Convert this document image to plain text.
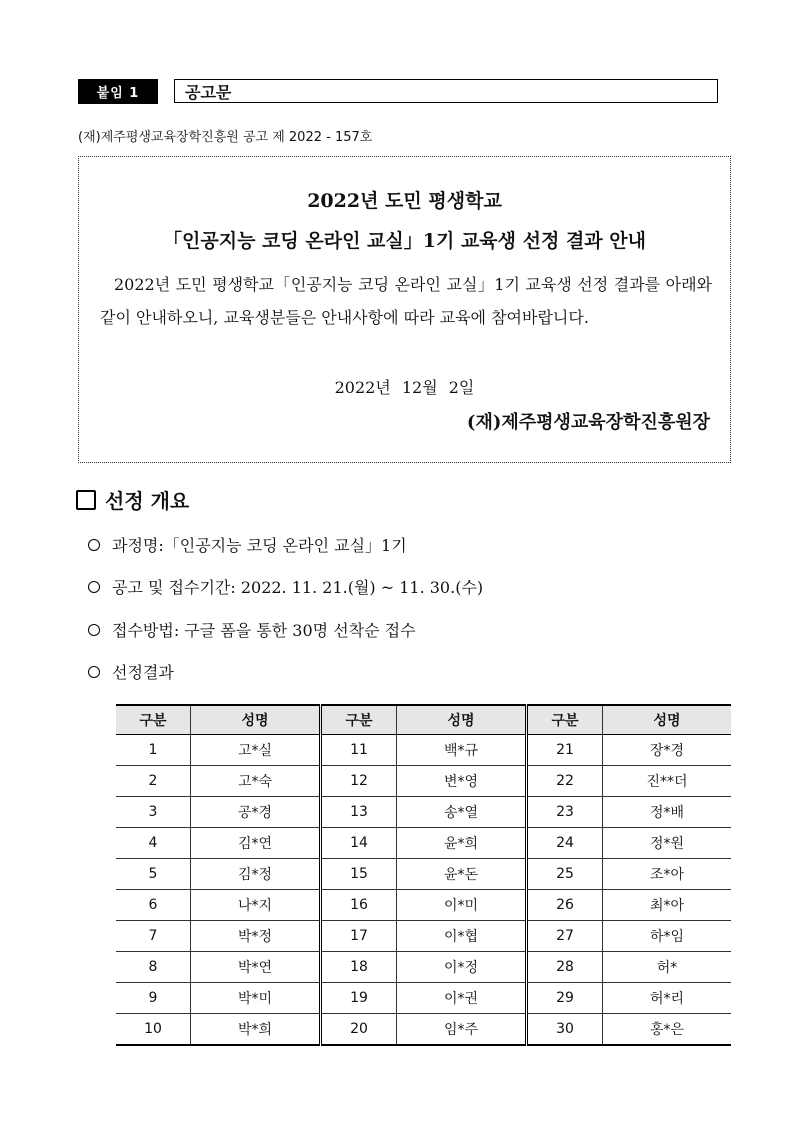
붙임 1	공고문
(재)제주평생교육장학진흥원 공고 제 2022 - 157호
2022년 도민 평생학교
「인공지능 코딩 온라인 교실」1기 교육생 선정 결과 안내
2022년 도민 평생학교「인공지능 코딩 온라인 교실」1기 교육생 선정 결과를 아래와 같이 안내하오니, 교육생분들은 안내사항에 따라 교육에 참여바랍니다.
2022년 12월 2일
(재)제주평생교육장학진흥원장
선정 개요
과정명:「인공지능 코딩 온라인 교실」1기
공고 및 접수기간: 2022. 11. 21.(월) ~ 11. 30.(수)
접수방법: 구글 폼을 통한 30명 선착순 접수
선정결과
구분	성명	구분	성명	구분	성명
1	고*실	11	백*규	21	장*경
2	고*숙	12	변*영	22	진**더
3	공*경	13	송*열	23	정*배
4	김*연	14	윤*희	24	정*원
5	김*정	15	윤*돈	25	조*아
6	나*지	16	이*미	26	최*아
7	박*정	17	이*협	27	하*임
8	박*연	18	이*정	28	허*
9	박*미	19	이*권	29	허*리
10	박*희	20	임*주	30	홍*은
